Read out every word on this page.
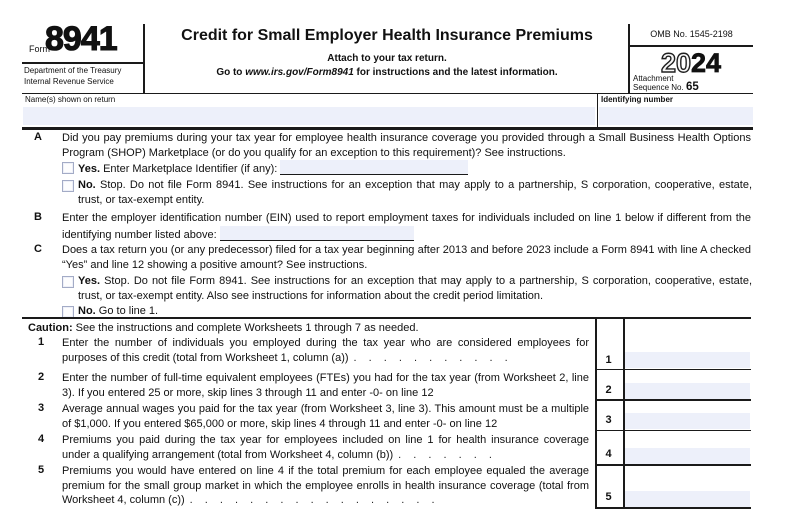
Form
8941
Department of the Treasury
Internal Revenue Service
Credit for Small Employer Health Insurance Premiums
Attach to your tax return.
Go to www.irs.gov/Form8941 for instructions and the latest information.
OMB No. 1545-2198
2024
Attachment
Sequence No. 65
Name(s) shown on return	Identifying number
A	Did you pay premiums during your tax year for employee health insurance coverage you provided through a Small Business Health Options Program (SHOP) Marketplace (or do you qualify for an exception to this requirement)? See instructions.
Yes. Enter Marketplace Identifier (if any):
No. Stop. Do not file Form 8941. See instructions for an exception that may apply to a partnership, S corporation, cooperative, estate, trust, or tax-exempt entity.
B	Enter the employer identification number (EIN) used to report employment taxes for individuals included on line 1 below if different from the identifying number listed above:
C	Does a tax return you (or any predecessor) filed for a tax year beginning after 2013 and before 2023 include a Form 8941 with line A checked “Yes” and line 12 showing a positive amount? See instructions.
Yes. Stop. Do not file Form 8941. See instructions for an exception that may apply to a partnership, S corporation, cooperative, estate, trust, or tax-exempt entity. Also see instructions for information about the credit period limitation.
No. Go to line 1.
Caution: See the instructions and complete Worksheets 1 through 7 as needed.
1	Enter the number of individuals you employed during the tax year who are considered employees for purposes of this credit (total from Worksheet 1, column (a)) . . . . . . . . . . .	1
2	Enter the number of full-time equivalent employees (FTEs) you had for the tax year (from Worksheet 2, line 3). If you entered 25 or more, skip lines 3 through 11 and enter -0- on line 12	2
3	Average annual wages you paid for the tax year (from Worksheet 3, line 3). This amount must be a multiple of $1,000. If you entered $65,000 or more, skip lines 4 through 11 and enter -0- on line 12	3
4	Premiums you paid during the tax year for employees included on line 1 for health insurance coverage under a qualifying arrangement (total from Worksheet 4, column (b)) . . . . . . .	4
5	Premiums you would have entered on line 4 if the total premium for each employee equaled the average premium for the small group market in which the employee enrolls in health insurance coverage (total from Worksheet 4, column (c)) . . . . . . . . . . . . . . . . .	5
